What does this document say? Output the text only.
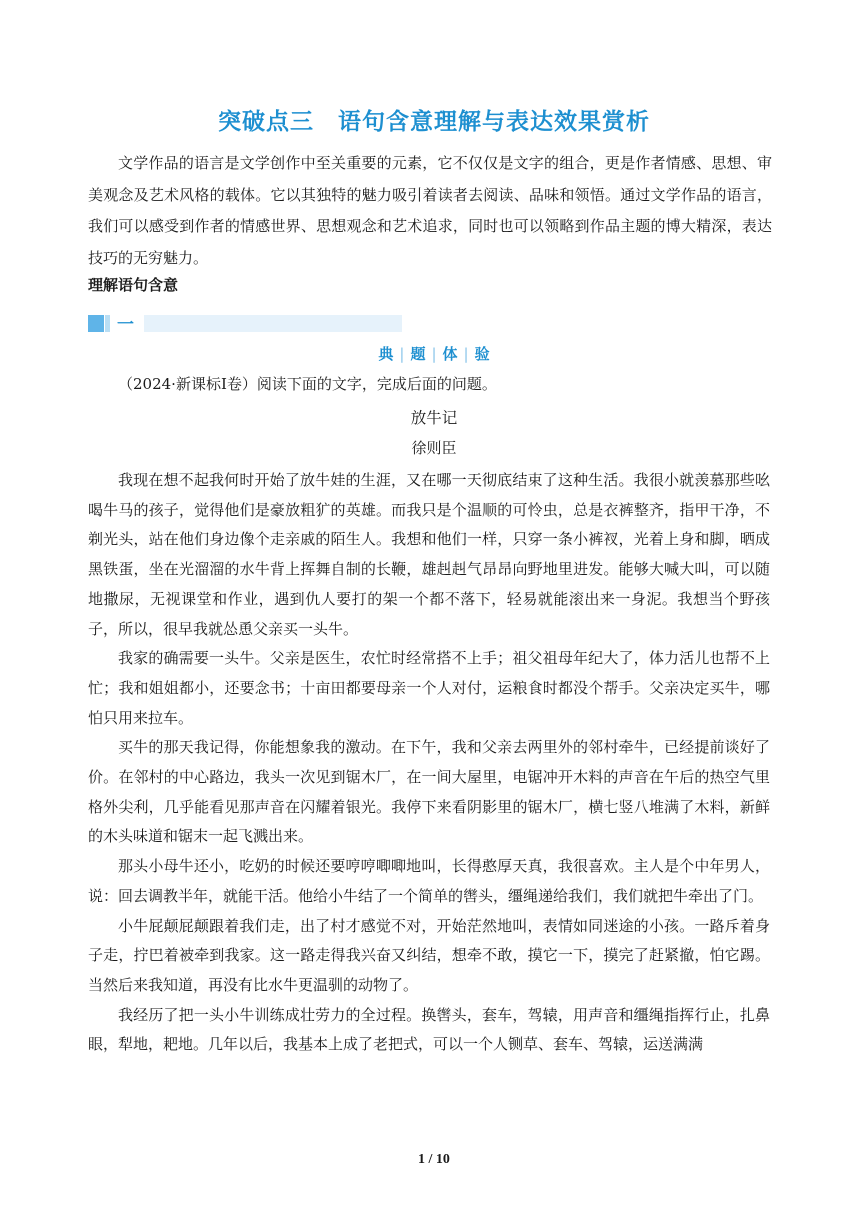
突破点三　语句含意理解与表达效果赏析

文学作品的语言是文学创作中至关重要的元素，它不仅仅是文字的组合，更是作者情感、思想、审美观念及艺术风格的载体。它以其独特的魅力吸引着读者去阅读、品味和领悟。通过文学作品的语言，我们可以感受到作者的情感世界、思想观念和艺术追求，同时也可以领略到作品主题的博大精深，表达技巧的无穷魅力。

理解语句含意
一
典 | 题 | 体 | 验
（2024·新课标Ⅰ卷）阅读下面的文字，完成后面的问题。
放牛记
徐则臣

我现在想不起我何时开始了放牛娃的生涯，又在哪一天彻底结束了这种生活。我很小就羡慕那些吆喝牛马的孩子，觉得他们是豪放粗犷的英雄。而我只是个温顺的可怜虫，总是衣裤整齐，指甲干净，不剃光头，站在他们身边像个走亲戚的陌生人。我想和他们一样，只穿一条小裤衩，光着上身和脚，晒成黑铁蛋，坐在光溜溜的水牛背上挥舞自制的长鞭，雄赳赳气昂昂向野地里进发。能够大喊大叫，可以随地撒尿，无视课堂和作业，遇到仇人要打的架一个都不落下，轻易就能滚出来一身泥。我想当个野孩子，所以，很早我就怂恿父亲买一头牛。

我家的确需要一头牛。父亲是医生，农忙时经常搭不上手；祖父祖母年纪大了，体力活儿也帮不上忙；我和姐姐都小，还要念书；十亩田都要母亲一个人对付，运粮食时都没个帮手。父亲决定买牛，哪怕只用来拉车。

买牛的那天我记得，你能想象我的激动。在下午，我和父亲去两里外的邻村牵牛，已经提前谈好了价。在邻村的中心路边，我头一次见到锯木厂，在一间大屋里，电锯冲开木料的声音在午后的热空气里格外尖利，几乎能看见那声音在闪耀着银光。我停下来看阴影里的锯木厂，横七竖八堆满了木料，新鲜的木头味道和锯末一起飞溅出来。

那头小母牛还小，吃奶的时候还要哼哼唧唧地叫，长得憨厚天真，我很喜欢。主人是个中年男人，说：回去调教半年，就能干活。他给小牛结了一个简单的辔头，缰绳递给我们，我们就把牛牵出了门。

小牛屁颠屁颠跟着我们走，出了村才感觉不对，开始茫然地叫，表情如同迷途的小孩。一路斥着身子走，拧巴着被牵到我家。这一路走得我兴奋又纠结，想牵不敢，摸它一下，摸完了赶紧撤，怕它踢。当然后来我知道，再没有比水牛更温驯的动物了。

我经历了把一头小牛训练成壮劳力的全过程。换辔头，套车，驾辕，用声音和缰绳指挥行止，扎鼻眼，犁地，耙地。几年以后，我基本上成了老把式，可以一个人铡草、套车、驾辕，运送满满

1 / 10
